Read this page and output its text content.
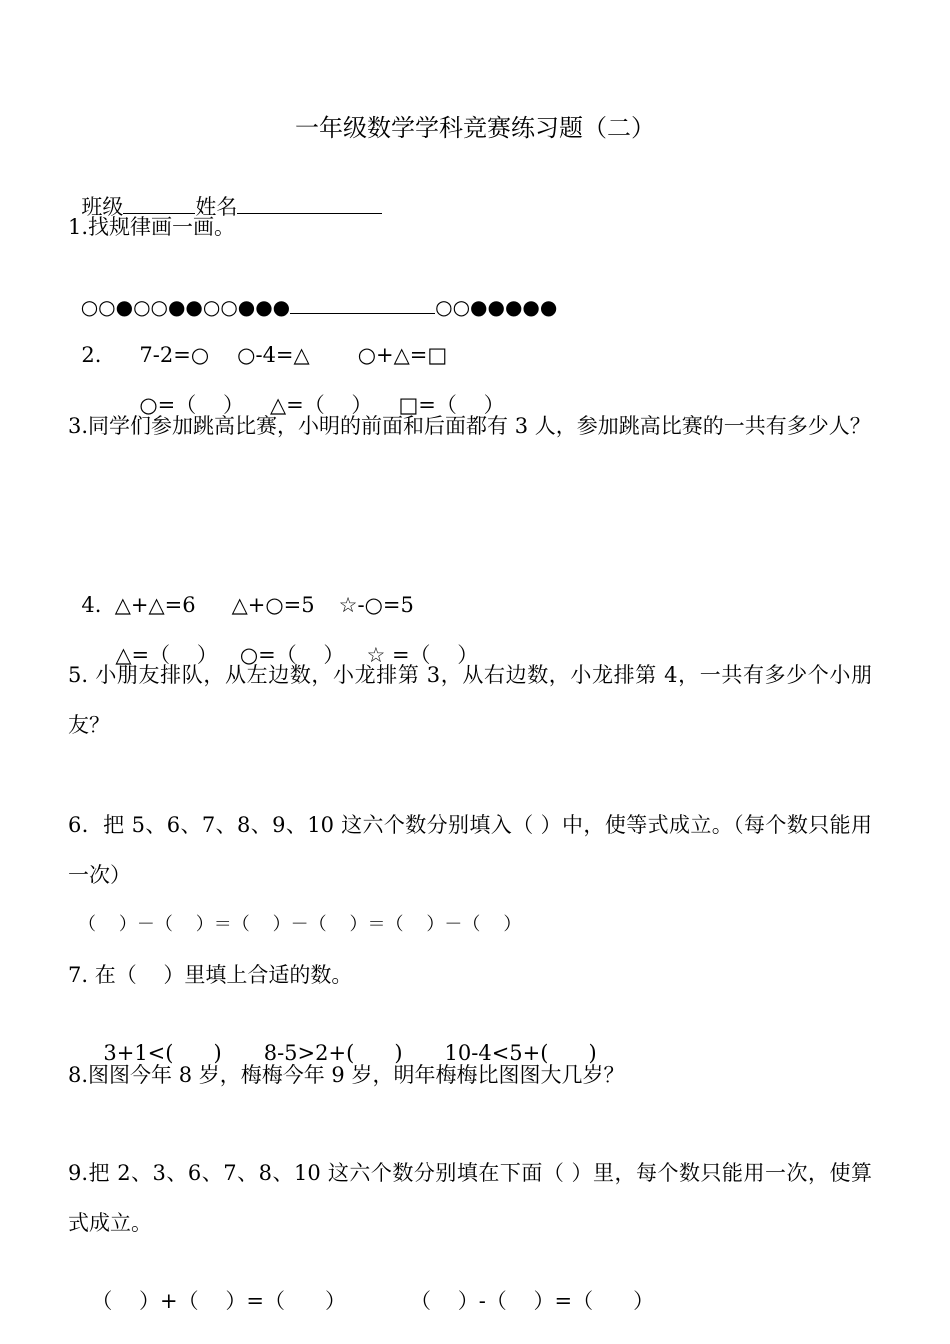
一年级数学学科竞赛练习题（二）

班级	姓名

1.找规律画一画。

○○●○○●●○○●●●	○○●●●●●

2. 7-2=○ ○-4=△ ○+△=□

○=（    ） △=（    ） □=（    ）

3.同学们参加跳高比赛，小明的前面和后面都有 3 人，参加跳高比赛的一共有多少人？

4.  △+△=6 △+○=5 ☆-○=5

△=（    ） ○=（    ） ☆ =（    ）

5. 小朋友排队，从左边数，小龙排第 3，从右边数，小龙排第 4，一共有多少个小朋友？
6．把 5、6、7、8、9、10 这六个数分别填入（ ）中，使等式成立。（每个数只能用一次）
（    ）－（    ）＝（    ）－（    ）＝（    ）－（    ）
7. 在（    ）里填上合适的数。

3+1<(      ) 8-5>2+(      ) 10-4<5+(      )

8.图图今年 8 岁，梅梅今年 9 岁，明年梅梅比图图大几岁？
9.把 2、3、6、7、8、10 这六个数分别填在下面（ ）里，每个数只能用一次，使算式成立。

（    ）+（    ）=（      ）	（    ）-（    ）=（      ）
